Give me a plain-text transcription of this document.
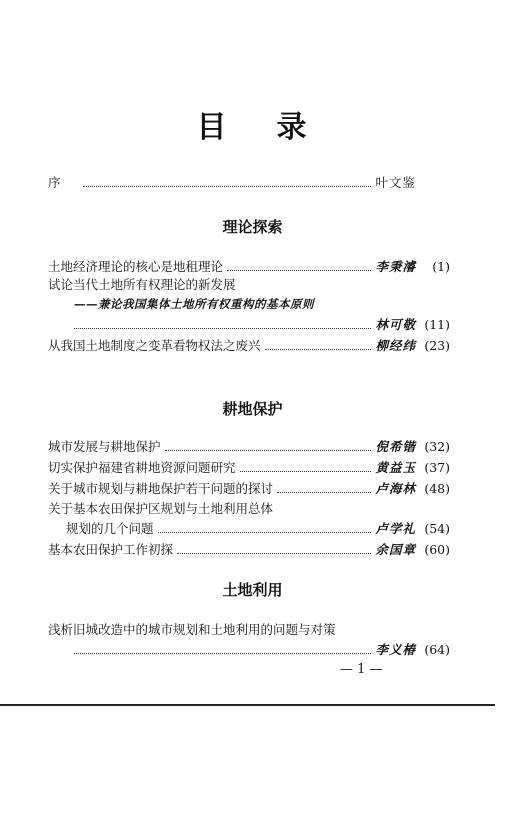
目 录
序	叶文鉴
理论探索
土地经济理论的核心是地租理论	李秉濬	(1)
试论当代土地所有权理论的新发展
——兼论我国集体土地所有权重构的基本原则
林可敬 (11)
从我国土地制度之变革看物权法之废兴	柳经纬 (23)
耕地保护
城市发展与耕地保护	倪希锴 (32)
切实保护福建省耕地资源问题研究	黄益玉 (37)
关于城市规划与耕地保护若干问题的探讨	卢海林 (48)
关于基本农田保护区规划与土地利用总体
规划的几个问题	卢学礼 (54)
基本农田保护工作初探	余国章 (60)
土地利用
浅析旧城改造中的城市规划和土地利用的问题与对策
李义椿 (64)
— 1 —
